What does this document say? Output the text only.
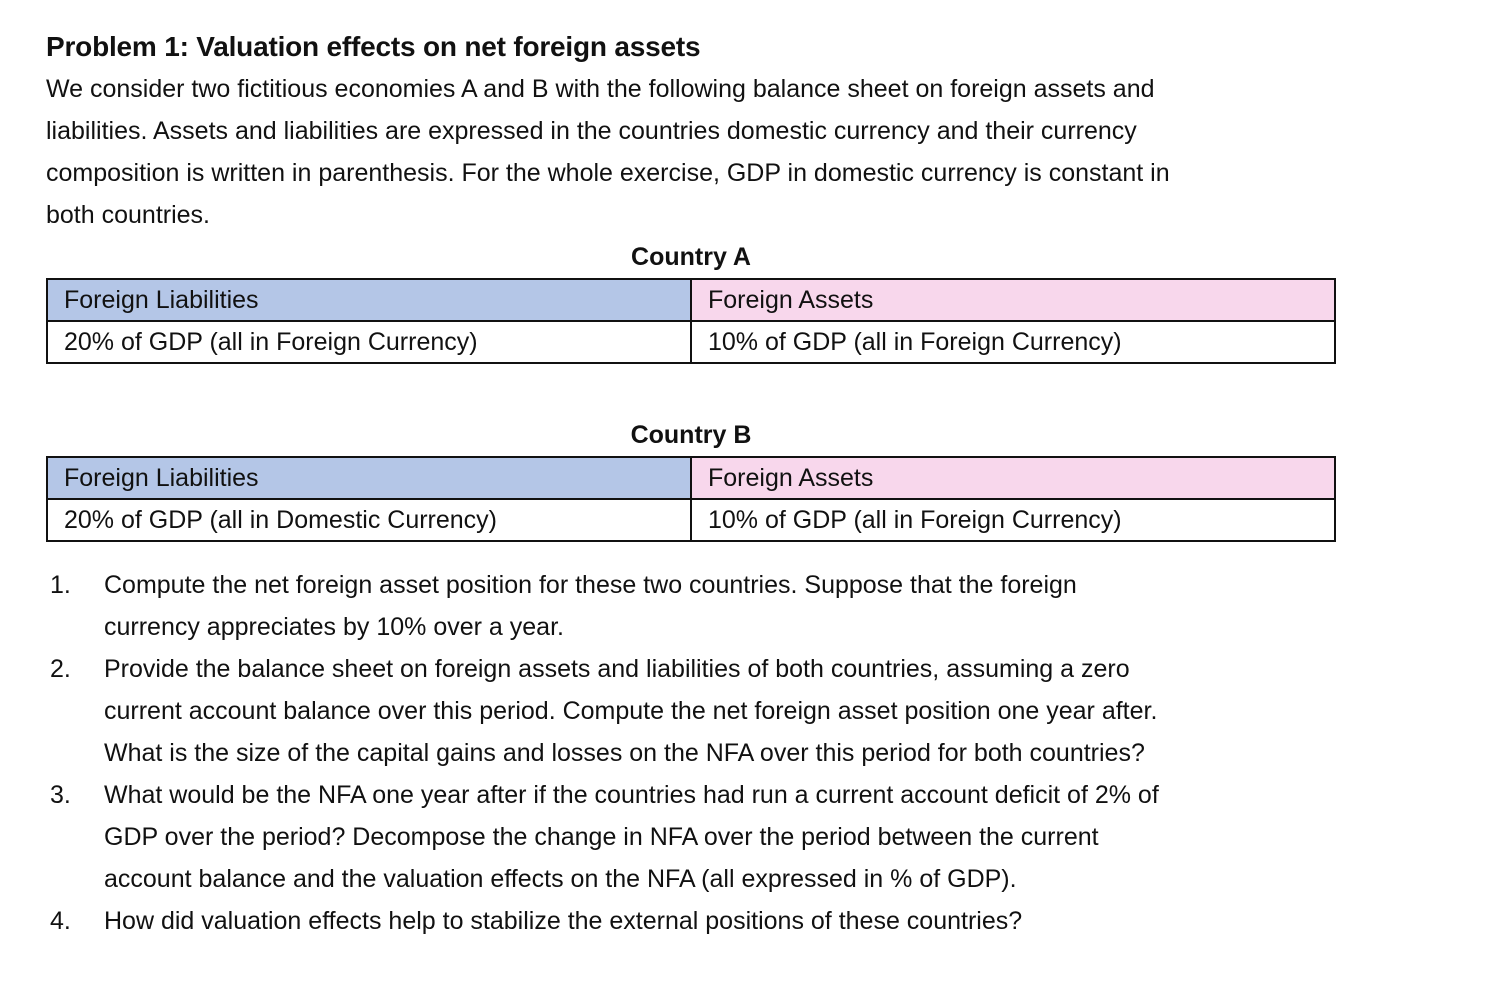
Problem 1: Valuation effects on net foreign assets
We consider two fictitious economies A and B with the following balance sheet on foreign assets and
liabilities. Assets and liabilities are expressed in the countries domestic currency and their currency
composition is written in parenthesis. For the whole exercise, GDP in domestic currency is constant in
both countries.
Country A
Foreign Liabilities	Foreign Assets
20% of GDP (all in Foreign Currency)	10% of GDP (all in Foreign Currency)
Country B
Foreign Liabilities	Foreign Assets
20% of GDP (all in Domestic Currency)	10% of GDP (all in Foreign Currency)
1. Compute the net foreign asset position for these two countries. Suppose that the foreign
currency appreciates by 10% over a year.
2. Provide the balance sheet on foreign assets and liabilities of both countries, assuming a zero
current account balance over this period. Compute the net foreign asset position one year after.
What is the size of the capital gains and losses on the NFA over this period for both countries?
3. What would be the NFA one year after if the countries had run a current account deficit of 2% of
GDP over the period? Decompose the change in NFA over the period between the current
account balance and the valuation effects on the NFA (all expressed in % of GDP).
4. How did valuation effects help to stabilize the external positions of these countries?
